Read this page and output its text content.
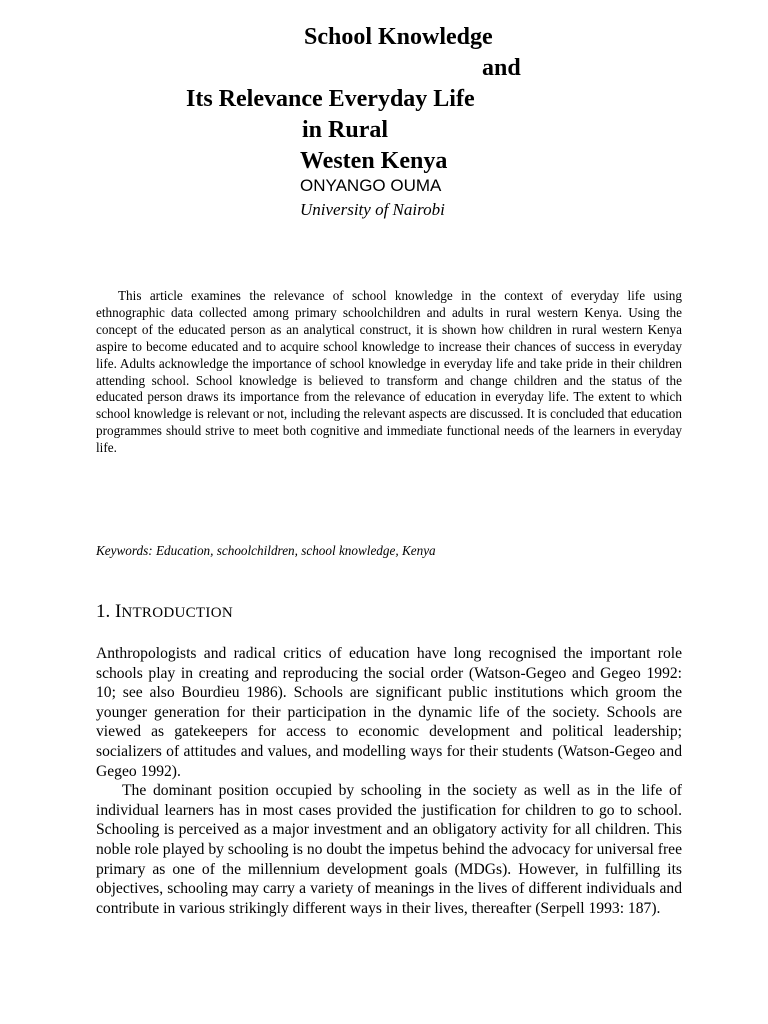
School Knowledge
and
Its Relevance Everyday Life
in Rural
Westen Kenya
ONYANGO OUMA
University of Nairobi

This article examines the relevance of school knowledge in the context of everyday life using ethnographic data collected among primary schoolchildren and adults in rural western Kenya. Using the concept of the educated person as an analytical construct, it is shown how children in rural western Kenya aspire to become educated and to acquire school knowledge to increase their chances of success in everyday life. Adults acknowledge the importance of school knowledge in everyday life and take pride in their children attending school. School knowledge is believed to transform and change children and the status of the educated person draws its importance from the relevance of education in everyday life. The extent to which school knowledge is relevant or not, including the relevant aspects are discussed. It is concluded that education programmes should strive to meet both cognitive and immediate functional needs of the learners in everyday life.

Keywords: Education, schoolchildren, school knowledge, Kenya

1. INTRODUCTION

Anthropologists and radical critics of education have long recognised the important role schools play in creating and reproducing the social order (Watson-Gegeo and Gegeo 1992: 10; see also Bourdieu 1986). Schools are significant public institutions which groom the younger generation for their participation in the dynamic life of the society. Schools are viewed as gatekeepers for access to economic development and political leadership; socializers of attitudes and values, and modelling ways for their students (Watson-Gegeo and Gegeo 1992).

The dominant position occupied by schooling in the society as well as in the life of individual learners has in most cases provided the justification for children to go to school. Schooling is perceived as a major investment and an obligatory activity for all children. This noble role played by schooling is no doubt the impetus behind the advocacy for universal free primary as one of the millennium development goals (MDGs). However, in fulfilling its objectives, schooling may carry a variety of meanings in the lives of different individuals and contribute in various strikingly different ways in their lives, thereafter (Serpell 1993: 187).
